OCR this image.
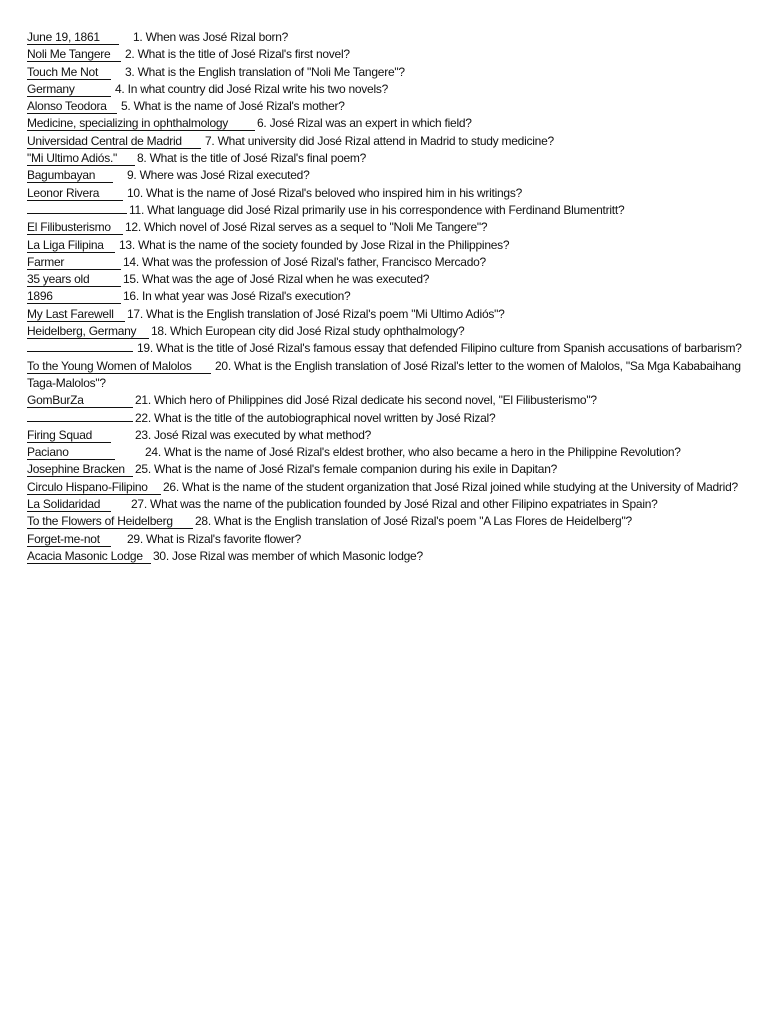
June 19, 1861	1. When was José Rizal born?
Noli Me Tangere 2. What is the title of José Rizal's first novel?
Touch Me Not 3. What is the English translation of "Noli Me Tangere"?
Germany	4. In what country did José Rizal write his two novels?
Alonso Teodora 5. What is the name of José Rizal's mother?
Medicine, specializing in ophthalmology 6. José Rizal was an expert in which field?
Universidad Central de Madrid 7. What university did José Rizal attend in Madrid to study medicine?
"Mi Ultimo Adiós." 8. What is the title of José Rizal's final poem?
Bagumbayan	9. Where was José Rizal executed?
Leonor Rivera 10. What is the name of José Rizal's beloved who inspired him in his writings?
11. What language did José Rizal primarily use in his correspondence with Ferdinand Blumentritt?
El Filibusterismo 12. Which novel of José Rizal serves as a sequel to "Noli Me Tangere"?
La Liga Filipina 13. What is the name of the society founded by Jose Rizal in the Philippines?
Farmer	14. What was the profession of José Rizal's father, Francisco Mercado?
35 years old	15. What was the age of José Rizal when he was executed?
1896	16. In what year was José Rizal's execution?
My Last Farewell 17. What is the English translation of José Rizal's poem "Mi Ultimo Adiós"?
Heidelberg, Germany 18. Which European city did José Rizal study ophthalmology?
19. What is the title of José Rizal's famous essay that defended Filipino culture from Spanish accusations of barbarism?
To the Young Women of Malolos 20. What is the English translation of José Rizal's letter to the women of Malolos, "Sa Mga Kababaihang Taga-Malolos"?
GomBurZa	21. Which hero of Philippines did José Rizal dedicate his second novel, "El Filibusterismo"?
22. What is the title of the autobiographical novel written by José Rizal?
Firing Squad	23. José Rizal was executed by what method?
Paciano	24. What is the name of José Rizal's eldest brother, who also became a hero in the Philippine Revolution?
Josephine Bracken 25. What is the name of José Rizal's female companion during his exile in Dapitan?
Circulo Hispano-Filipino 26. What is the name of the student organization that José Rizal joined while studying at the University of Madrid?
La Solidaridad	27. What was the name of the publication founded by José Rizal and other Filipino expatriates in Spain?
To the Flowers of Heidelberg 28. What is the English translation of José Rizal's poem "A Las Flores de Heidelberg"?
Forget-me-not 29. What is Rizal's favorite flower?
Acacia Masonic Lodge 30. Jose Rizal was member of which Masonic lodge?
